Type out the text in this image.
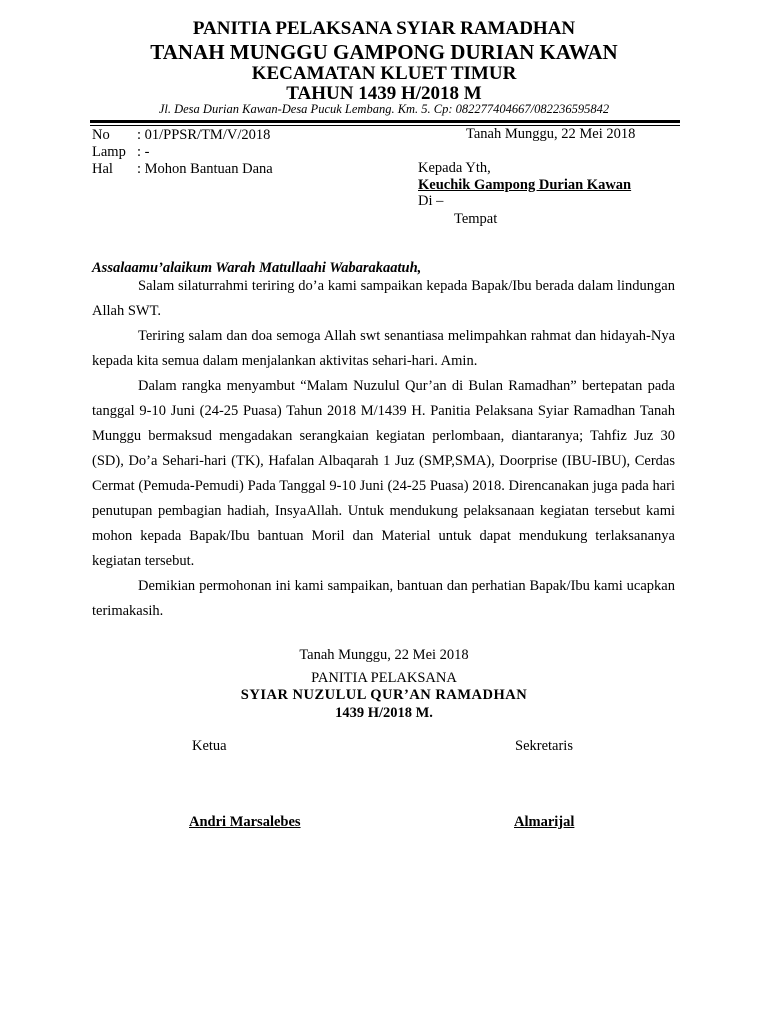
PANITIA PELAKSANA SYIAR RAMADHAN
TANAH MUNGGU GAMPONG DURIAN KAWAN
KECAMATAN KLUET TIMUR
TAHUN 1439 H/2018 M
Jl. Desa Durian Kawan-Desa Pucuk Lembang. Km. 5. Cp: 082277404667/082236595842
No : 01/PPSR/TM/V/2018
Lamp : -
Hal : Mohon Bantuan Dana
Tanah Munggu, 22 Mei 2018
Kepada Yth,
Keuchik Gampong Durian Kawan
Di –
Tempat
Assalaamu’alaikum Warah Matullaahi Wabarakaatuh,

Salam silaturrahmi teriring do’a kami sampaikan kepada Bapak/Ibu berada dalam lindungan Allah SWT.

Teriring salam dan doa semoga Allah swt senantiasa melimpahkan rahmat dan hidayah-Nya kepada kita semua dalam menjalankan aktivitas sehari-hari. Amin.

Dalam rangka menyambut “Malam Nuzulul Qur’an di Bulan Ramadhan” bertepatan pada tanggal 9-10 Juni (24-25 Puasa) Tahun 2018 M/1439 H. Panitia Pelaksana Syiar Ramadhan Tanah Munggu bermaksud mengadakan serangkaian kegiatan perlombaan, diantaranya; Tahfiz Juz 30 (SD), Do’a Sehari-hari (TK), Hafalan Albaqarah 1 Juz (SMP,SMA), Doorprise (IBU-IBU), Cerdas Cermat (Pemuda-Pemudi) Pada Tanggal 9-10 Juni (24-25 Puasa) 2018. Direncanakan juga pada hari penutupan pembagian hadiah, InsyaAllah. Untuk mendukung pelaksanaan kegiatan tersebut kami mohon kepada Bapak/Ibu bantuan Moril dan Material untuk dapat mendukung terlaksananya kegiatan tersebut.

Demikian permohonan ini kami sampaikan, bantuan dan perhatian Bapak/Ibu kami ucapkan terimakasih.

Tanah Munggu, 22 Mei 2018
PANITIA PELAKSANA
SYIAR NUZULUL QUR’AN RAMADHAN
1439 H/2018 M.
Ketua	Sekretaris
Andri Marsalebes	Almarijal
